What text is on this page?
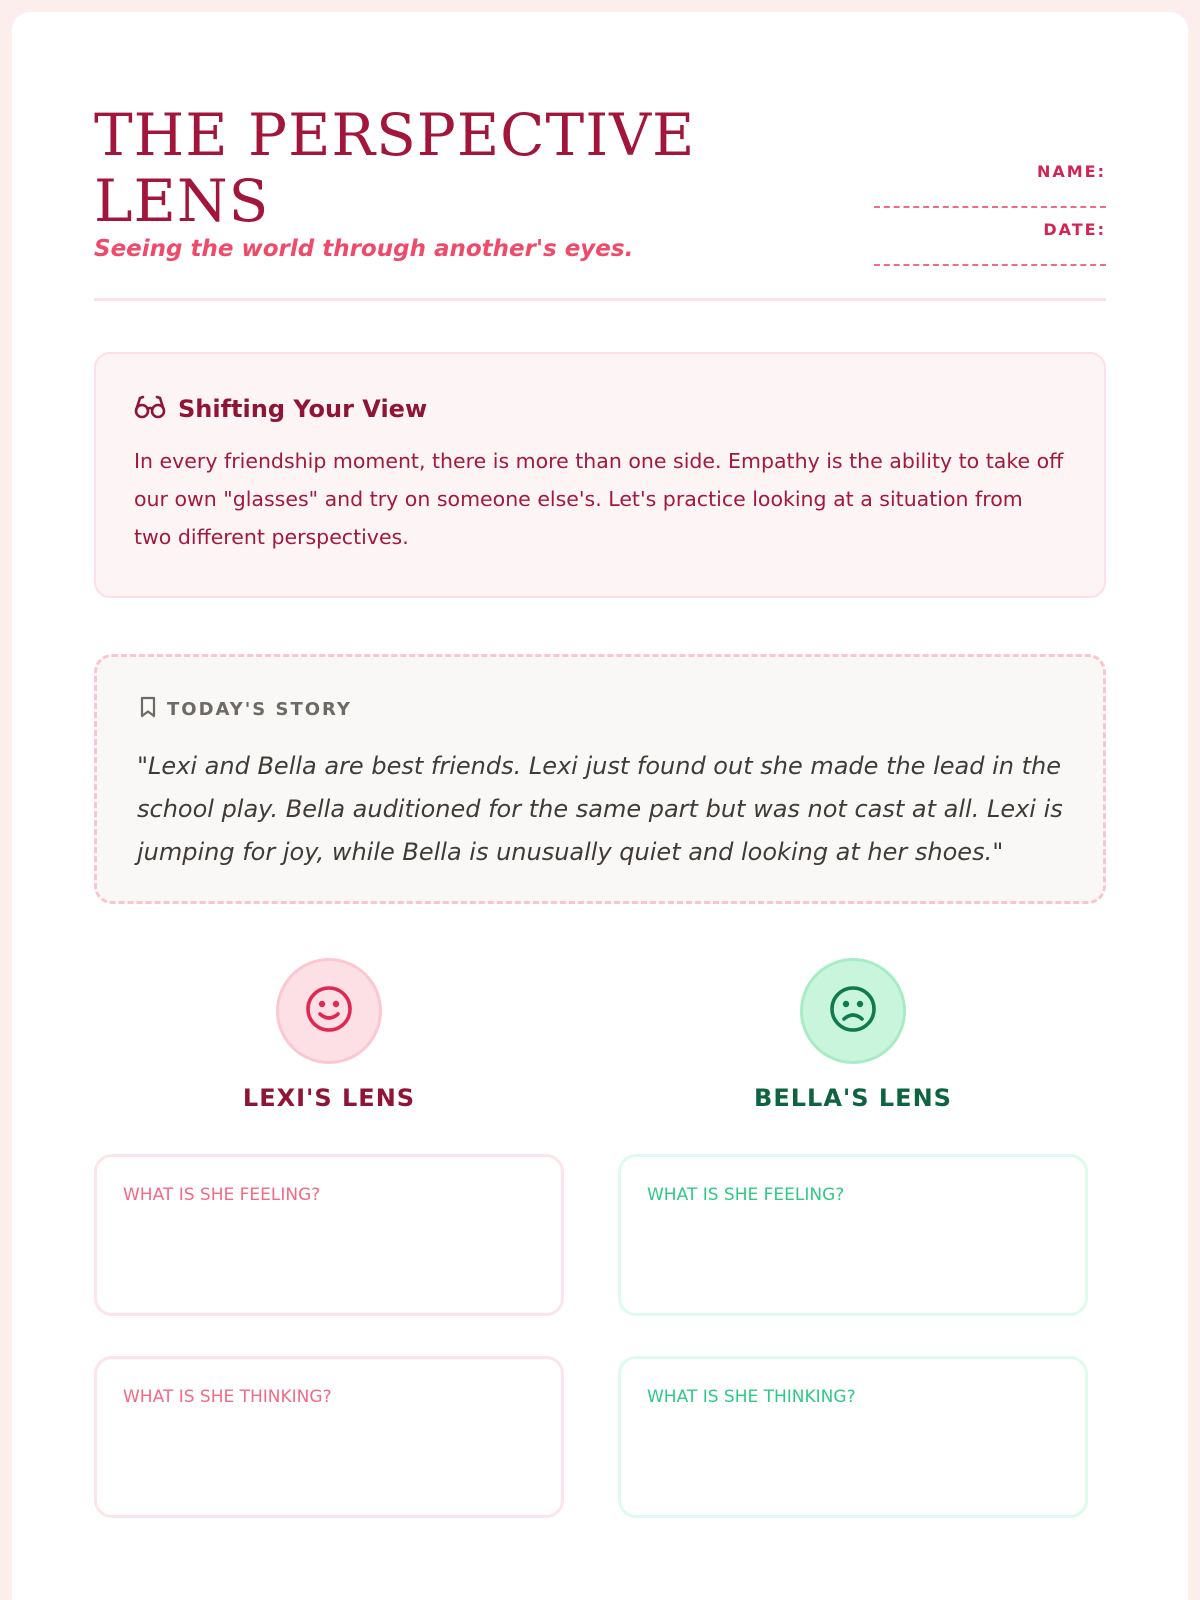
THE PERSPECTIVE LENS
Seeing the world through another's eyes.
NAME:
DATE:
Shifting Your View

In every friendship moment, there is more than one side. Empathy is the ability to take off our own "glasses" and try on someone else's. Let's practice looking at a situation from two different perspectives.

TODAY'S STORY

"Lexi and Bella are best friends. Lexi just found out she made the lead in the school play. Bella auditioned for the same part but was not cast at all. Lexi is jumping for joy, while Bella is unusually quiet and looking at her shoes."

LEXI'S LENS
WHAT IS SHE FEELING?
WHAT IS SHE THINKING?
BELLA'S LENS
WHAT IS SHE FEELING?
WHAT IS SHE THINKING?
